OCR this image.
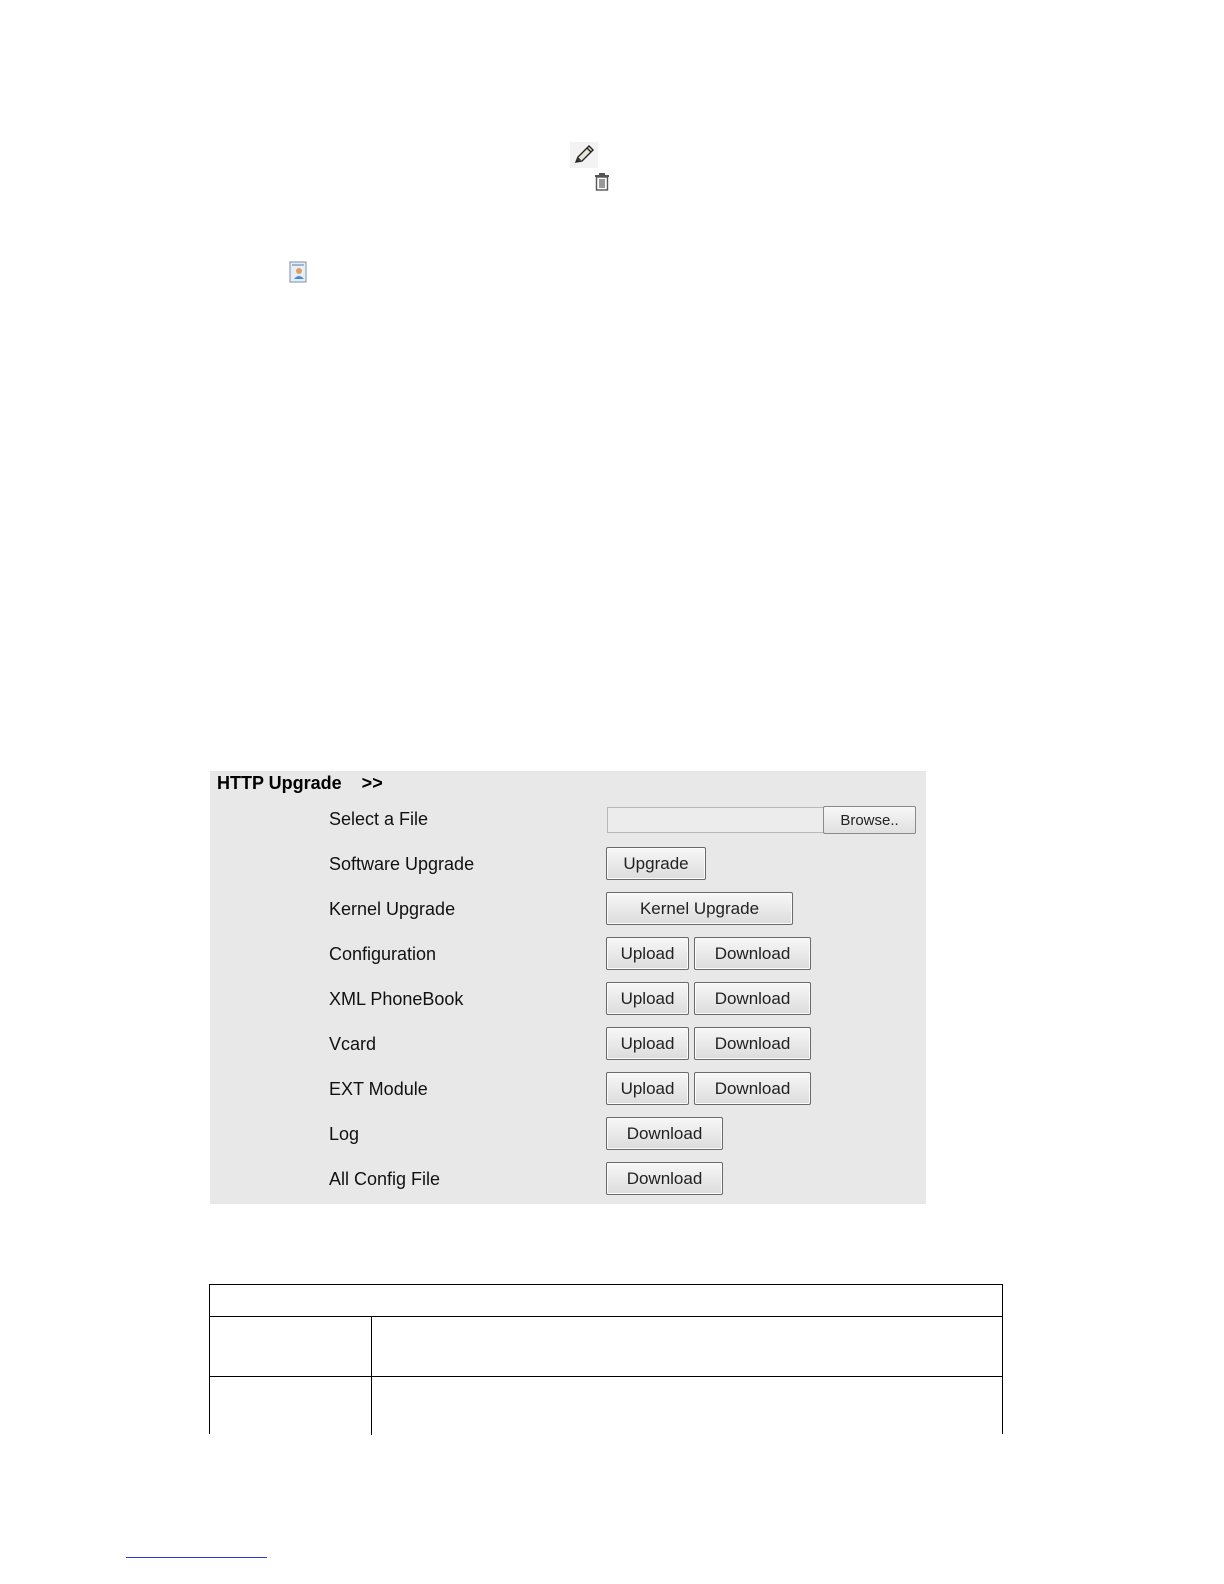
HTTP Upgrade    >>
Select a File	Browse..
Software Upgrade	Upgrade
Kernel Upgrade	Kernel Upgrade
Configuration	Upload	Download
XML PhoneBook	Upload	Download
Vcard	Upload	Download
EXT Module	Upload	Download
Log	Download
All Config File	Download
